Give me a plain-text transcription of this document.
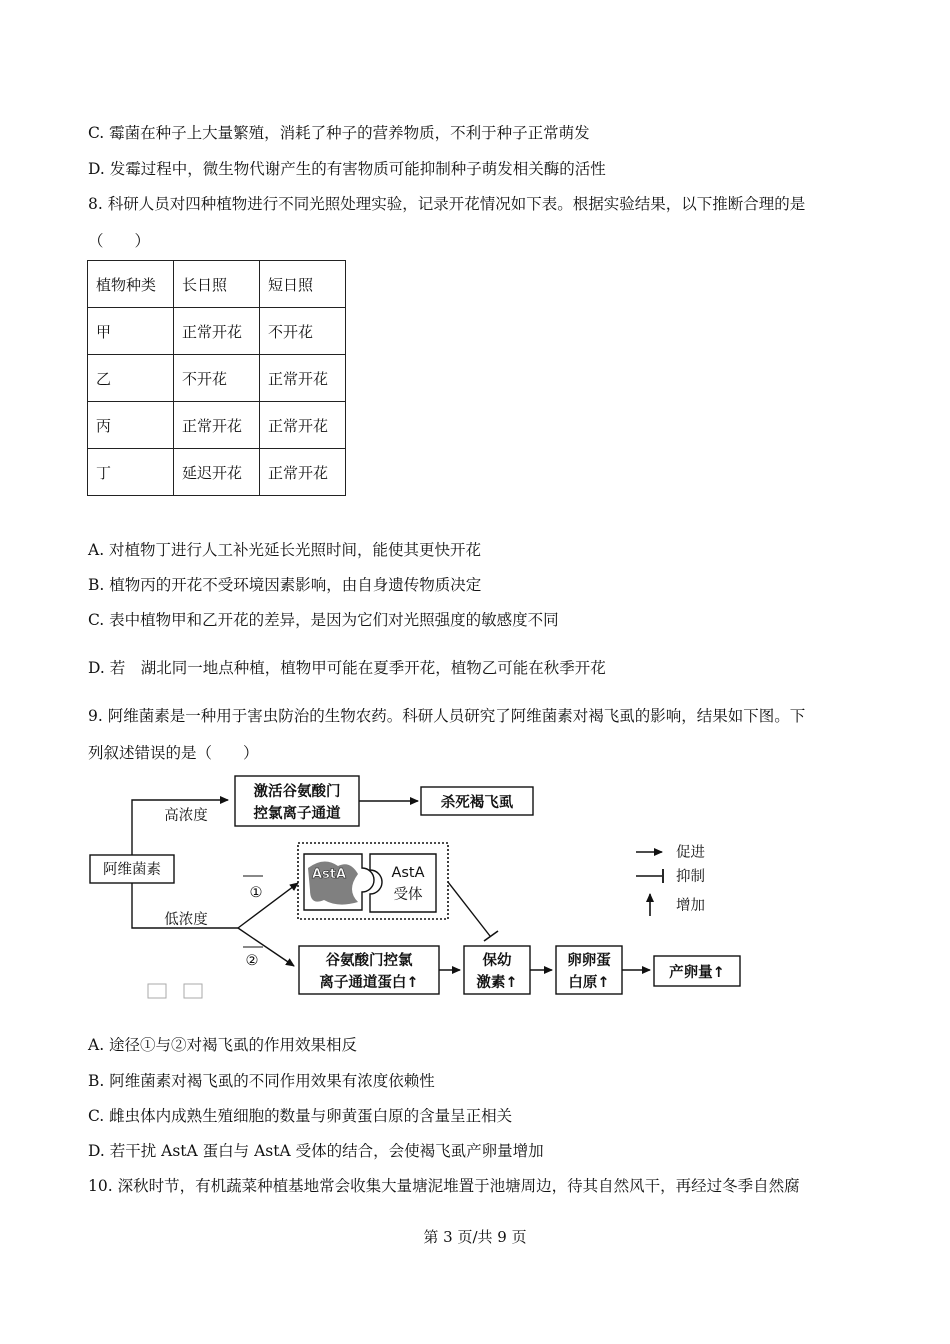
C. 霉菌在种子上大量繁殖，消耗了种子的营养物质，不利于种子正常萌发
D. 发霉过程中，微生物代谢产生的有害物质可能抑制种子萌发相关酶的活性
8. 科研人员对四种植物进行不同光照处理实验，记录开花情况如下表。根据实验结果，以下推断合理的是
（　　）
植物种类	长日照	短日照
甲	正常开花	不开花
乙	不开花	正常开花
丙	正常开花	正常开花
丁	延迟开花	正常开花
A. 对植物丁进行人工补光延长光照时间，能使其更快开花
B. 植物丙的开花不受环境因素影响，由自身遗传物质决定
C. 表中植物甲和乙开花的差异，是因为它们对光照强度的敏感度不同
D. 若　湖北同一地点种植，植物甲可能在夏季开花，植物乙可能在秋季开花
9. 阿维菌素是一种用于害虫防治的生物农药。科研人员研究了阿维菌素对褐飞虱的影响，结果如下图。下
列叙述错误的是（　　）
阿维菌素
高浓度
激活谷氨酸门
控氯离子通道
杀死褐飞虱
低浓度
①
②
AstA	AstA
受体
谷氨酸门控氯
离子通道蛋白↑
保幼
激素↑
卵卵蛋
白原↑
产卵量↑
促进
抑制
增加
A. 途径①与②对褐飞虱的作用效果相反
B. 阿维菌素对褐飞虱的不同作用效果有浓度依赖性
C. 雌虫体内成熟生殖细胞的数量与卵黄蛋白原的含量呈正相关
D. 若干扰 AstA 蛋白与 AstA 受体的结合，会使褐飞虱产卵量增加
10. 深秋时节，有机蔬菜种植基地常会收集大量塘泥堆置于池塘周边，待其自然风干，再经过冬季自然腐
第 3 页/共 9 页
